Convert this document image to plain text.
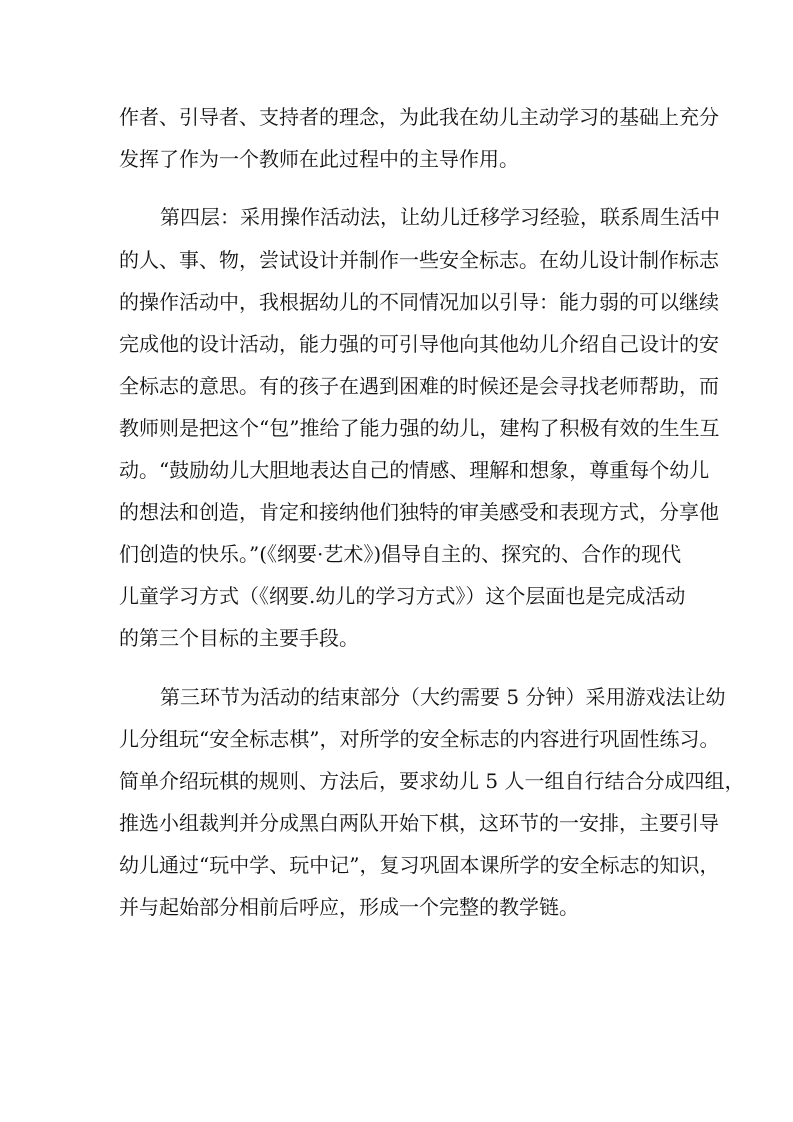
作者、引导者、支持者的理念，为此我在幼儿主动学习的基础上充分
发挥了作为一个教师在此过程中的主导作用。
第四层：采用操作活动法，让幼儿迁移学习经验，联系周生活中
的人、事、物，尝试设计并制作一些安全标志。在幼儿设计制作标志
的操作活动中，我根据幼儿的不同情况加以引导：能力弱的可以继续
完成他的设计活动，能力强的可引导他向其他幼儿介绍自己设计的安
全标志的意思。有的孩子在遇到困难的时候还是会寻找老师帮助，而
教师则是把这个“包”推给了能力强的幼儿，建构了积极有效的生生互
动。“鼓励幼儿大胆地表达自己的情感、理解和想象，尊重每个幼儿
的想法和创造，肯定和接纳他们独特的审美感受和表现方式，分享他
们创造的快乐。”(《纲要·艺术》)倡导自主的、探究的、合作的现代
儿童学习方式（《纲要.幼儿的学习方式》）这个层面也是完成活动
的第三个目标的主要手段。
第三环节为活动的结束部分（大约需要 5 分钟）采用游戏法让幼
儿分组玩“安全标志棋”，对所学的安全标志的内容进行巩固性练习。
简单介绍玩棋的规则、方法后，要求幼儿 5 人一组自行结合分成四组，
推选小组裁判并分成黑白两队开始下棋，这环节的一安排，主要引导
幼儿通过“玩中学、玩中记”，复习巩固本课所学的安全标志的知识，
并与起始部分相前后呼应，形成一个完整的教学链。
